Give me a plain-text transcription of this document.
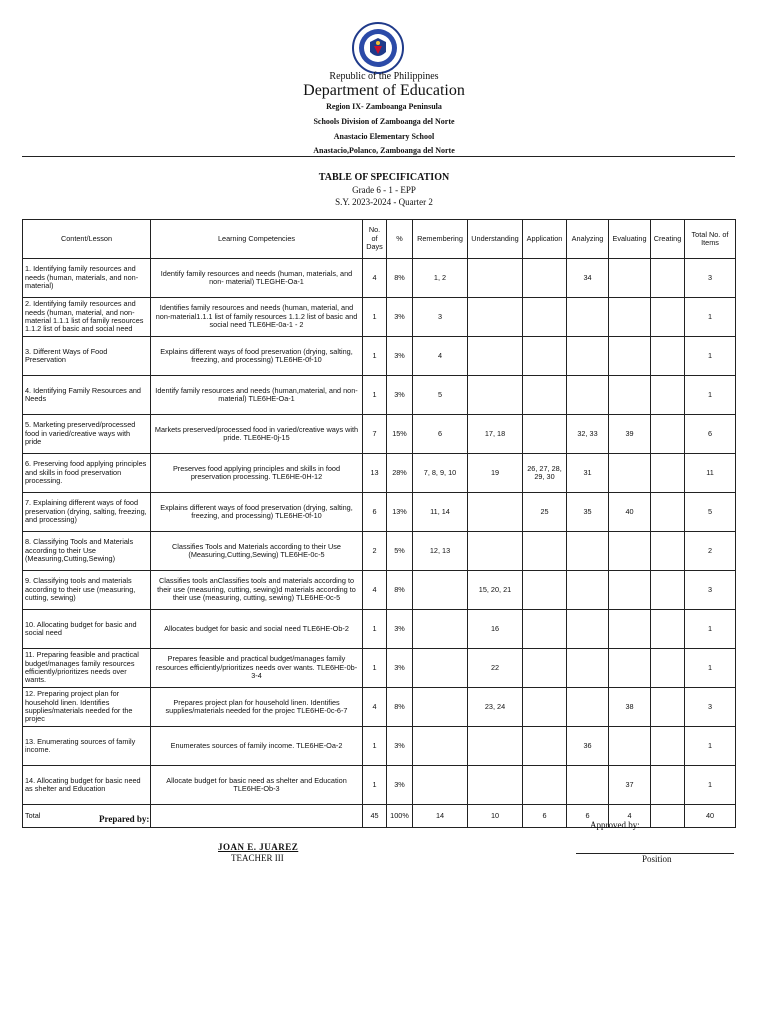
Republic of the Philippines
Department of Education
Region IX- Zamboanga Peninsula
Schools Division of Zamboanga del Norte
Anastacio Elementary School
Anastacio,Polanco, Zamboanga del Norte
TABLE OF SPECIFICATION
Grade 6 - 1 - EPP
S.Y. 2023-2024 - Quarter 2
Content/Lesson	Learning Competencies	No. of Days	%	Remembering	Understanding	Application	Analyzing	Evaluating	Creating	Total No. of Items
1. Identifying family resources and needs (human, materials, and non- material)	Identify family resources and needs (human, materials, and non- material) TLEGHE-Oa-1	4	8%	1, 2			34			3
2. Identifying family resources and needs (human, material, and non-material 1.1.1 list of family resources 1.1.2 list of basic and social need	Identifies family resources and needs (human, material, and non-material1.1.1 list of family resources 1.1.2 list of basic and social need TLE6HE-0a-1 - 2	1	3%	3						1
3. Different Ways of Food Preservation	Explains different ways of food preservation (drying, salting, freezing, and processing) TLE6HE-0f-10	1	3%	4						1
4. Identifying Family Resources and Needs	Identify family resources and needs (human,material, and non-material) TLE6HE-Oa-1	1	3%	5						1
5. Marketing preserved/processed food in varied/creative ways with pride	Markets preserved/processed food in varied/creative ways with pride. TLE6HE-0j-15	7	15%	6	17, 18		32, 33	39		6
6. Preserving food applying principles and skills in food preservation processing.	Preserves food applying principles and skills in food preservation processing. TLE6HE-0H-12	13	28%	7, 8, 9, 10	19	26, 27, 28, 29, 30	31			11
7. Explaining different ways of food preservation (drying, salting, freezing, and processing)	Explains different ways of food preservation (drying, salting, freezing, and processing) TLE6HE-0f-10	6	13%	11, 14		25	35	40		5
8. Classifying Tools and Materials according to their Use (Measuring,Cutting,Sewing)	Classifies Tools and Materials according to their Use (Measuring,Cutting,Sewing) TLE6HE-0c-5	2	5%	12, 13						2
9. Classifying tools and materials according to their use (measuring, cutting, sewing)	Classifies tools anClassifies tools and materials according to their use (measuring, cutting, sewing)d materials according to their use (measuring, cutting, sewing) TLE6HE-0c-5	4	8%		15, 20, 21					3
10. Allocating budget for basic and social need	Allocates budget for basic and social need TLE6HE-Ob-2	1	3%		16					1
11. Preparing feasible and practical budget/manages family resources efficiently/prioritizes needs over wants.	Prepares feasible and practical budget/manages family resources efficiently/prioritizes needs over wants. TLE6HE-0b-3-4	1	3%		22					1
12. Preparing project plan for household linen. Identifies supplies/materials needed for the projec	Prepares project plan for household linen. Identifies supplies/materials needed for the projec TLE6HE-0c-6-7	4	8%		23, 24			38		3
13. Enumerating sources of family income.	Enumerates sources of family income. TLE6HE-Oa-2	1	3%				36			1
14. Allocating budget for basic need as shelter and Education	Allocate budget for basic need as shelter and Education TLE6HE-Ob-3	1	3%					37		1
Total		45	100%	14	10	6	6	4		40
Prepared by:
Approved by:
JOAN E. JUAREZ
TEACHER III	Position
